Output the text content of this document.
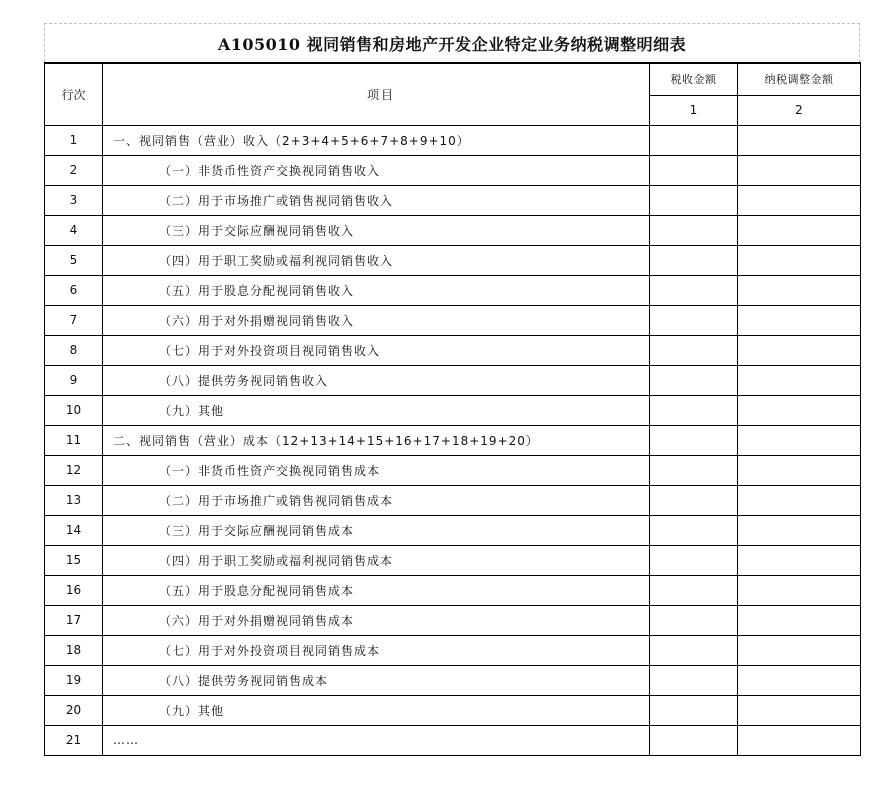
A105010 视同销售和房地产开发企业特定业务纳税调整明细表
行次	项目	税收金额	纳税调整金额
		1	2
1	一、视同销售（营业）收入（2+3+4+5+6+7+8+9+10）		
2	（一）非货币性资产交换视同销售收入		
3	（二）用于市场推广或销售视同销售收入		
4	（三）用于交际应酬视同销售收入		
5	（四）用于职工奖励或福利视同销售收入		
6	（五）用于股息分配视同销售收入		
7	（六）用于对外捐赠视同销售收入		
8	（七）用于对外投资项目视同销售收入		
9	（八）提供劳务视同销售收入		
10	（九）其他		
11	二、视同销售（营业）成本（12+13+14+15+16+17+18+19+20）		
12	（一）非货币性资产交换视同销售成本		
13	（二）用于市场推广或销售视同销售成本		
14	（三）用于交际应酬视同销售成本		
15	（四）用于职工奖励或福利视同销售成本		
16	（五）用于股息分配视同销售成本		
17	（六）用于对外捐赠视同销售成本		
18	（七）用于对外投资项目视同销售成本		
19	（八）提供劳务视同销售成本		
20	（九）其他		
21	……		
